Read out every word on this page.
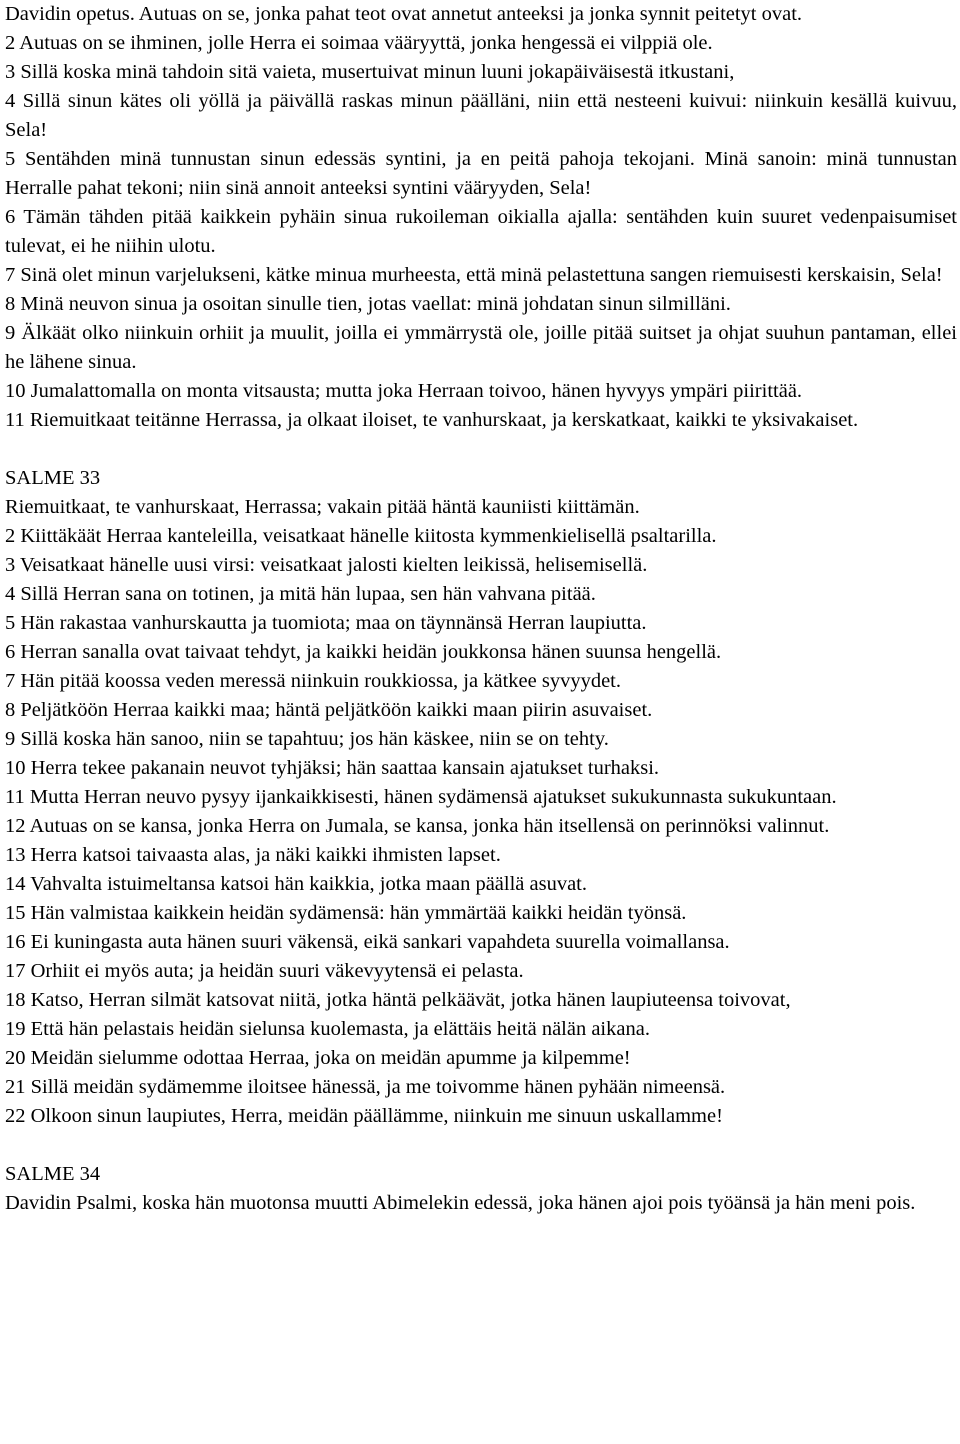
Davidin opetus. Autuas on se, jonka pahat teot ovat annetut anteeksi ja jonka synnit peitetyt ovat.

2 Autuas on se ihminen, jolle Herra ei soimaa vääryyttä, jonka hengessä ei vilppiä ole.

3 Sillä koska minä tahdoin sitä vaieta, musertuivat minun luuni jokapäiväisestä itkustani,

4 Sillä sinun kätes oli yöllä ja päivällä raskas minun päälläni, niin että nesteeni kuivui: niinkuin kesällä kuivuu, Sela!

5 Sentähden minä tunnustan sinun edessäs syntini, ja en peitä pahoja tekojani. Minä sanoin: minä tunnustan Herralle pahat tekoni; niin sinä annoit anteeksi syntini vääryyden, Sela!

6 Tämän tähden pitää kaikkein pyhäin sinua rukoileman oikialla ajalla: sentähden kuin suuret vedenpaisumiset tulevat, ei he niihin ulotu.

7 Sinä olet minun varjelukseni, kätke minua murheesta, että minä pelastettuna sangen riemuisesti kerskaisin, Sela!

8 Minä neuvon sinua ja osoitan sinulle tien, jotas vaellat: minä johdatan sinun silmilläni.

9 Älkäät olko niinkuin orhiit ja muulit, joilla ei ymmärrystä ole, joille pitää suitset ja ohjat suuhun pantaman, ellei he lähene sinua.

10 Jumalattomalla on monta vitsausta; mutta joka Herraan toivoo, hänen hyvyys ympäri piirittää.

11 Riemuitkaat teitänne Herrassa, ja olkaat iloiset, te vanhurskaat, ja kerskatkaat, kaikki te yksivakaiset.

SALME 33

Riemuitkaat, te vanhurskaat, Herrassa; vakain pitää häntä kauniisti kiittämän.

2 Kiittäkäät Herraa kanteleilla, veisatkaat hänelle kiitosta kymmenkielisellä psaltarilla.

3 Veisatkaat hänelle uusi virsi: veisatkaat jalosti kielten leikissä, helisemisellä.

4 Sillä Herran sana on totinen, ja mitä hän lupaa, sen hän vahvana pitää.

5 Hän rakastaa vanhurskautta ja tuomiota; maa on täynnänsä Herran laupiutta.

6 Herran sanalla ovat taivaat tehdyt, ja kaikki heidän joukkonsa hänen suunsa hengellä.

7 Hän pitää koossa veden meressä niinkuin roukkiossa, ja kätkee syvyydet.

8 Peljätköön Herraa kaikki maa; häntä peljätköön kaikki maan piirin asuvaiset.

9 Sillä koska hän sanoo, niin se tapahtuu; jos hän käskee, niin se on tehty.

10 Herra tekee pakanain neuvot tyhjäksi; hän saattaa kansain ajatukset turhaksi.

11 Mutta Herran neuvo pysyy ijankaikkisesti, hänen sydämensä ajatukset sukukunnasta sukukuntaan.

12 Autuas on se kansa, jonka Herra on Jumala, se kansa, jonka hän itsellensä on perinnöksi valinnut.

13 Herra katsoi taivaasta alas, ja näki kaikki ihmisten lapset.

14 Vahvalta istuimeltansa katsoi hän kaikkia, jotka maan päällä asuvat.

15 Hän valmistaa kaikkein heidän sydämensä: hän ymmärtää kaikki heidän työnsä.

16 Ei kuningasta auta hänen suuri väkensä, eikä sankari vapahdeta suurella voimallansa.

17 Orhiit ei myös auta; ja heidän suuri väkevyytensä ei pelasta.

18 Katso, Herran silmät katsovat niitä, jotka häntä pelkäävät, jotka hänen laupiuteensa toivovat,

19 Että hän pelastais heidän sielunsa kuolemasta, ja elättäis heitä nälän aikana.

20 Meidän sielumme odottaa Herraa, joka on meidän apumme ja kilpemme!

21 Sillä meidän sydämemme iloitsee hänessä, ja me toivomme hänen pyhään nimeensä.

22 Olkoon sinun laupiutes, Herra, meidän päällämme, niinkuin me sinuun uskallamme!

SALME 34

Davidin Psalmi, koska hän muotonsa muutti Abimelekin edessä, joka hänen ajoi pois työänsä ja hän meni pois.
